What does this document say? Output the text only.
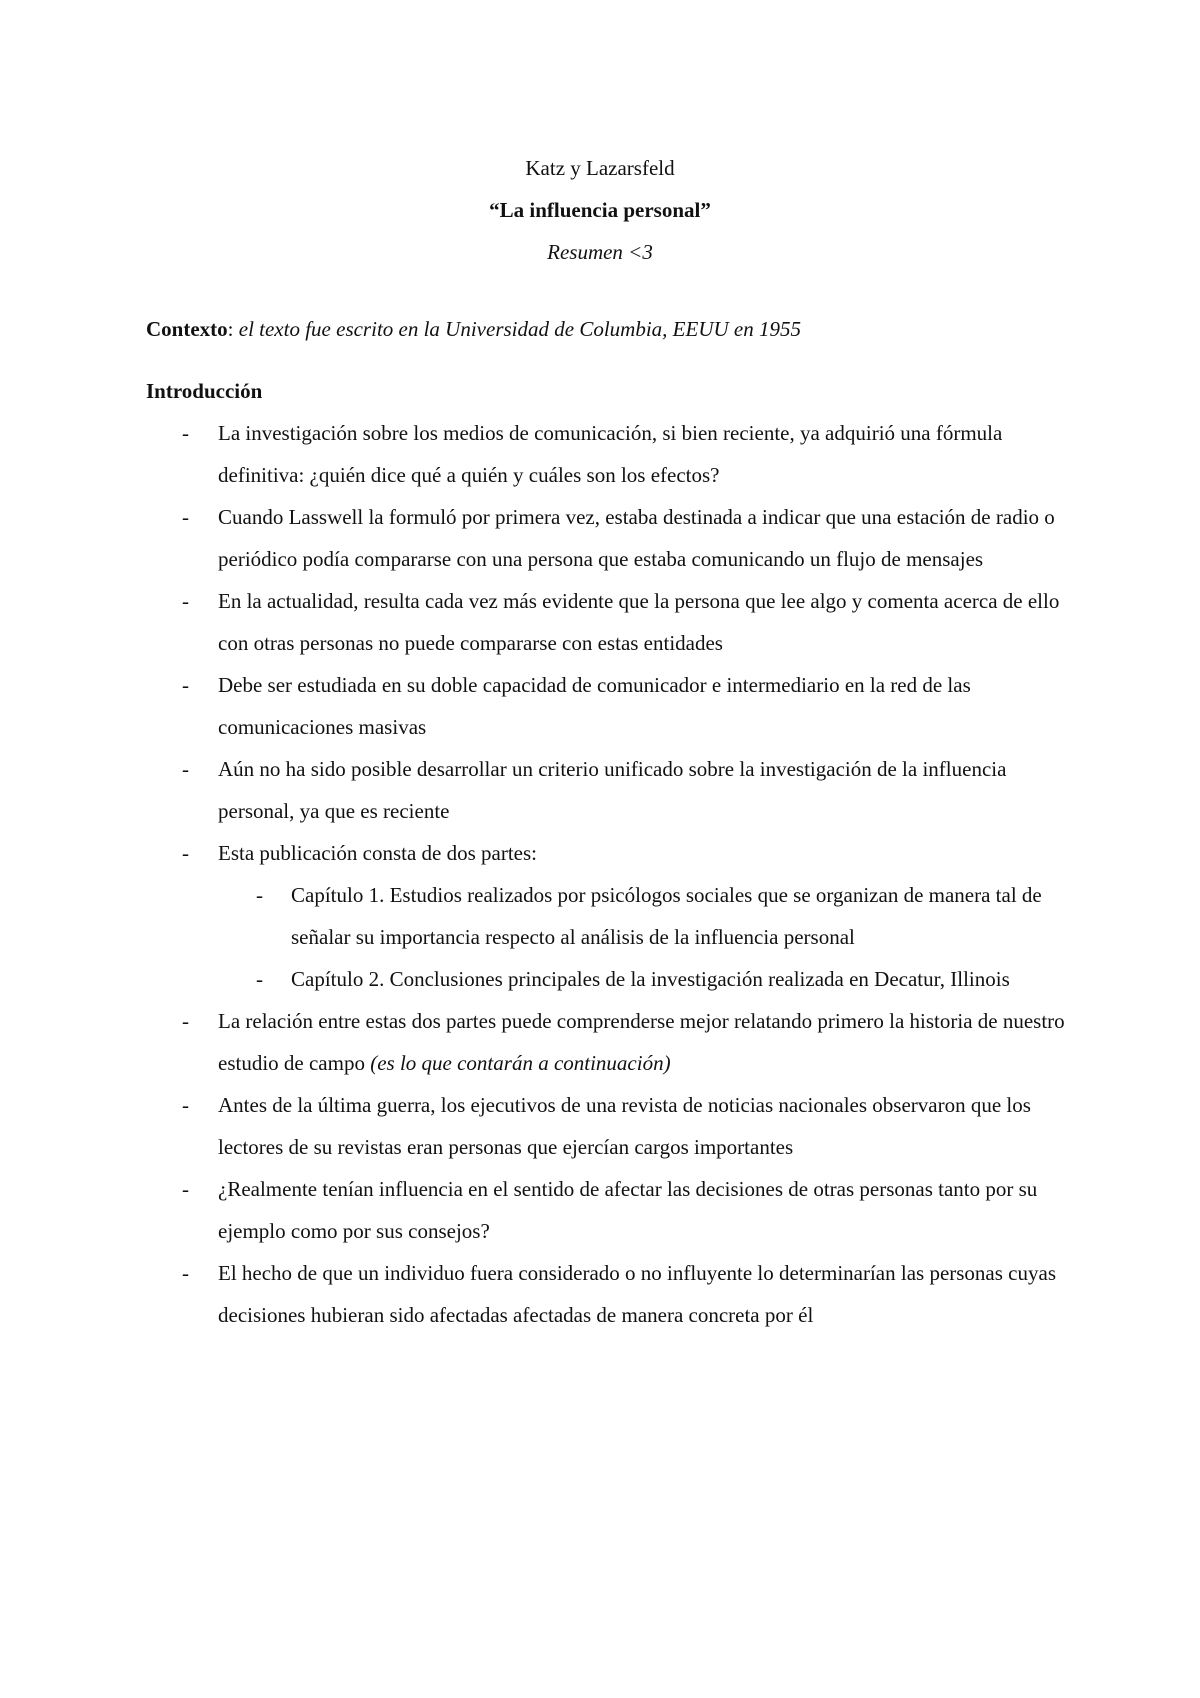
Katz y Lazarsfeld
“La influencia personal”
Resumen <3
Contexto: el texto fue escrito en la Universidad de Columbia, EEUU en 1955
Introducción
- La investigación sobre los medios de comunicación, si bien reciente, ya adquirió una fórmula definitiva: ¿quién dice qué a quién y cuáles son los efectos?
- Cuando Lasswell la formuló por primera vez, estaba destinada a indicar que una estación de radio o periódico podía compararse con una persona que estaba comunicando un flujo de mensajes
- En la actualidad, resulta cada vez más evidente que la persona que lee algo y comenta acerca de ello con otras personas no puede compararse con estas entidades
- Debe ser estudiada en su doble capacidad de comunicador e intermediario en la red de las comunicaciones masivas
- Aún no ha sido posible desarrollar un criterio unificado sobre la investigación de la influencia personal, ya que es reciente
- Esta publicación consta de dos partes:
- Capítulo 1. Estudios realizados por psicólogos sociales que se organizan de manera tal de señalar su importancia respecto al análisis de la influencia personal
- Capítulo 2. Conclusiones principales de la investigación realizada en Decatur, Illinois
- La relación entre estas dos partes puede comprenderse mejor relatando primero la historia de nuestro estudio de campo (es lo que contarán a continuación)
- Antes de la última guerra, los ejecutivos de una revista de noticias nacionales observaron que los lectores de su revistas eran personas que ejercían cargos importantes
- ¿Realmente tenían influencia en el sentido de afectar las decisiones de otras personas tanto por su ejemplo como por sus consejos?
- El hecho de que un individuo fuera considerado o no influyente lo determinarían las personas cuyas decisiones hubieran sido afectadas afectadas de manera concreta por él
